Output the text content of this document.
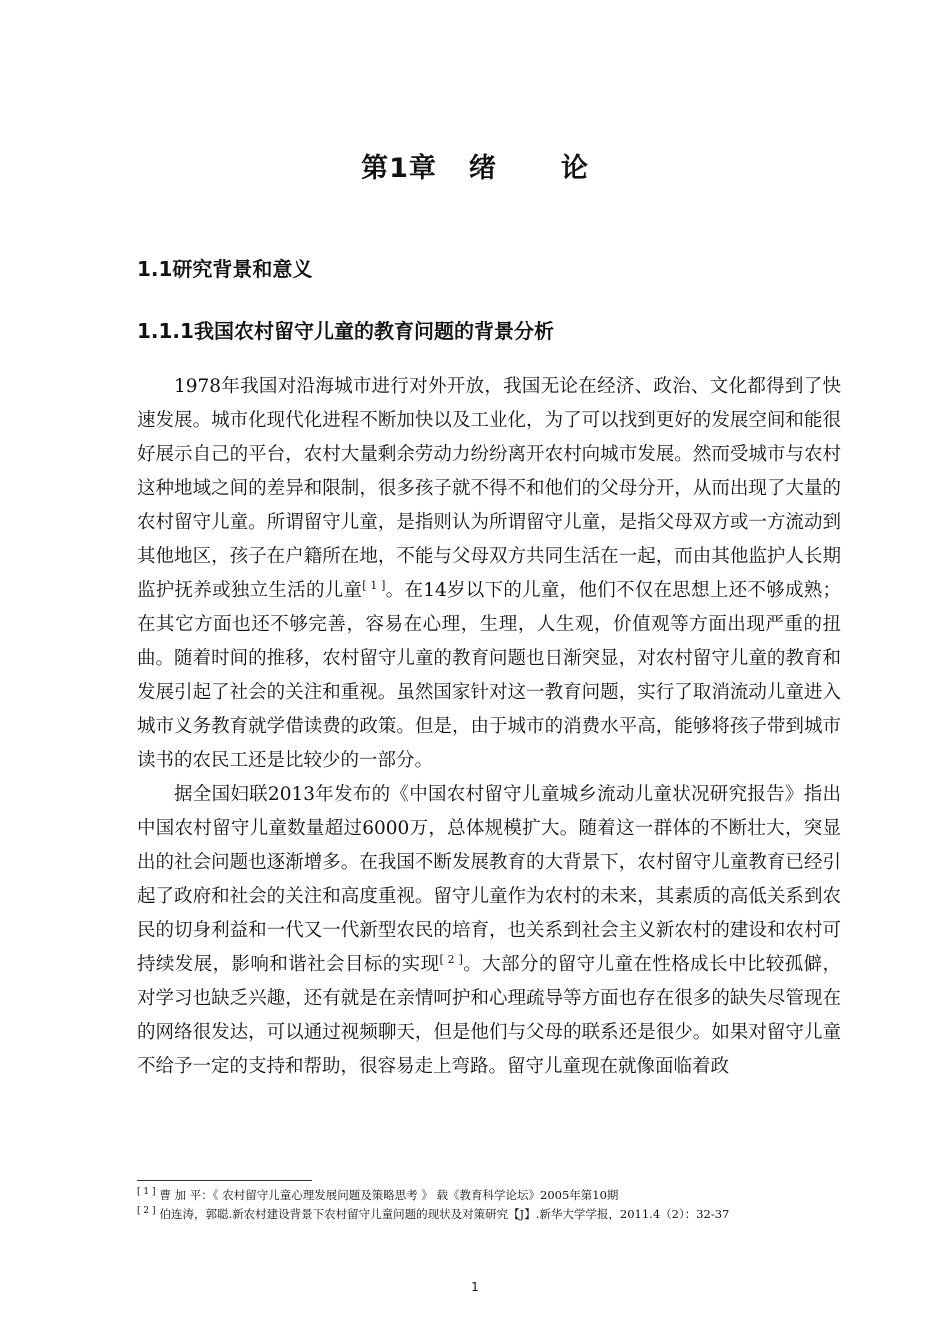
第1章 绪 论
1.1研究背景和意义
1.1.1我国农村留守儿童的教育问题的背景分析

1978年我国对沿海城市进行对外开放，我国无论在经济、政治、文化都得到了快速发展。城市化现代化进程不断加快以及工业化，为了可以找到更好的发展空间和能很好展示自己的平台，农村大量剩余劳动力纷纷离开农村向城市发展。然而受城市与农村这种地域之间的差异和限制，很多孩子就不得不和他们的父母分开，从而出现了大量的农村留守儿童。所谓留守儿童，是指则认为所谓留守儿童，是指父母双方或一方流动到其他地区，孩子在户籍所在地，不能与父母双方共同生活在一起，而由其他监护人长期监护抚养或独立生活的儿童[ 1 ]。在14岁以下的儿童，他们不仅在思想上还不够成熟；在其它方面也还不够完善，容易在心理，生理，人生观，价值观等方面出现严重的扭曲。随着时间的推移，农村留守儿童的教育问题也日渐突显，对农村留守儿童的教育和发展引起了社会的关注和重视。虽然国家针对这一教育问题，实行了取消流动儿童进入城市义务教育就学借读费的政策。但是，由于城市的消费水平高，能够将孩子带到城市读书的农民工还是比较少的一部分。

据全国妇联2013年发布的《中国农村留守儿童城乡流动儿童状况研究报告》指出中国农村留守儿童数量超过6000万，总体规模扩大。随着这一群体的不断壮大，突显出的社会问题也逐渐增多。在我国不断发展教育的大背景下，农村留守儿童教育已经引起了政府和社会的关注和高度重视。留守儿童作为农村的未来，其素质的高低关系到农民的切身利益和一代又一代新型农民的培育，也关系到社会主义新农村的建设和农村可持续发展，影响和谐社会目标的实现[ 2 ]。大部分的留守儿童在性格成长中比较孤僻，对学习也缺乏兴趣，还有就是在亲情呵护和心理疏导等方面也存在很多的缺失尽管现在的网络很发达，可以通过视频聊天，但是他们与父母的联系还是很少。如果对留守儿童不给予一定的支持和帮助，很容易走上弯路。留守儿童现在就像面临着政

[ 1 ] 曹 加 平：《 农村留守儿童心理发展问题及策略思考 》 载《教育科学论坛》2005年第10期
[ 2 ] 伯连涛，郭聪.新农村建设背景下农村留守儿童问题的现状及对策研究【J】.新华大学学报，2011.4（2）：32-37
1
